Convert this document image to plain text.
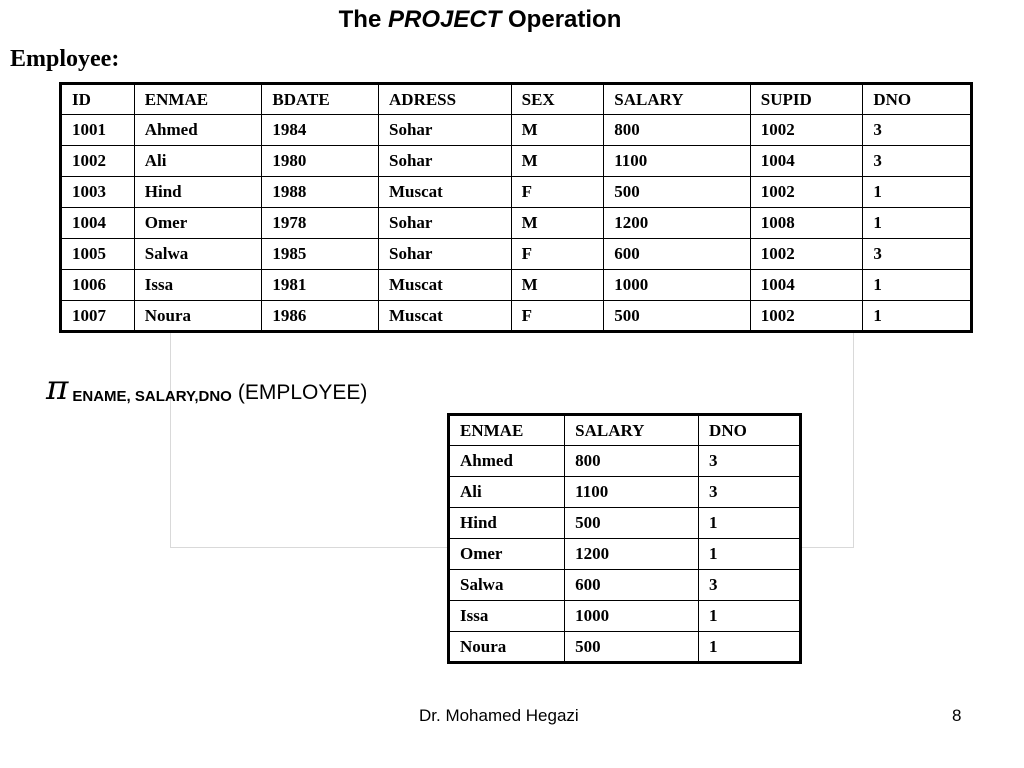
The PROJECT Operation
Employee:
ID	ENMAE	BDATE	ADRESS	SEX	SALARY	SUPID	DNO
1001	Ahmed	1984	Sohar	M	800	1002	3
1002	Ali	1980	Sohar	M	1100	1004	3
1003	Hind	1988	Muscat	F	500	1002	1
1004	Omer	1978	Sohar	M	1200	1008	1
1005	Salwa	1985	Sohar	F	600	1002	3
1006	Issa	1981	Muscat	M	1000	1004	1
1007	Noura	1986	Muscat	F	500	1002	1
πENAME, SALARY,DNO (EMPLOYEE)
ENMAE	SALARY	DNO
Ahmed	800	3
Ali	1100	3
Hind	500	1
Omer	1200	1
Salwa	600	3
Issa	1000	1
Noura	500	1
Dr. Mohamed Hegazi	8
